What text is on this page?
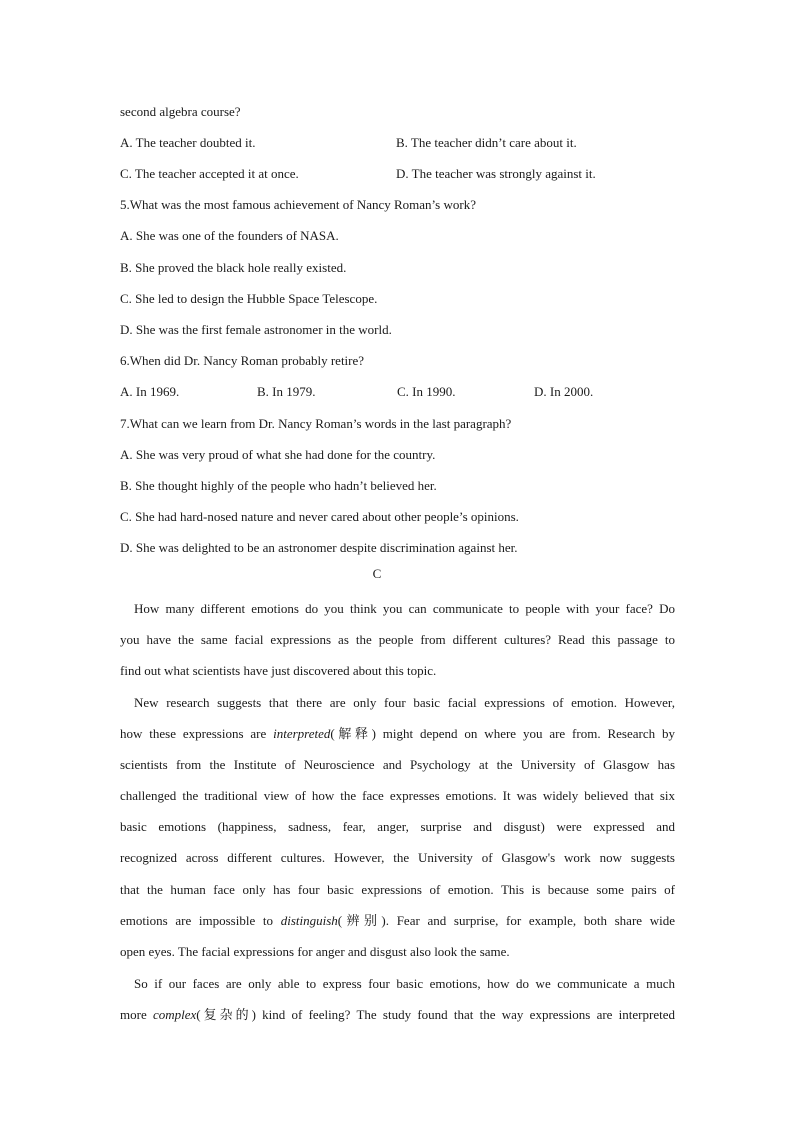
second algebra course?
A. The teacher doubted it.	B. The teacher didn’t care about it.
C. The teacher accepted it at once.	D. The teacher was strongly against it.
5.What was the most famous achievement of Nancy Roman’s work?
A. She was one of the founders of NASA.
B. She proved the black hole really existed.
C. She led to design the Hubble Space Telescope.
D. She was the first female astronomer in the world.
6.When did Dr. Nancy Roman probably retire?
A. In 1969.	B. In 1979.	C. In 1990.	D. In 2000.
7.What can we learn from Dr. Nancy Roman’s words in the last paragraph?
A. She was very proud of what she had done for the country.
B. She thought highly of the people who hadn’t believed her.
C. She had hard-nosed nature and never cared about other people’s opinions.
D. She was delighted to be an astronomer despite discrimination against her.
C
How many different emotions do you think you can communicate to people with your face? Do
you have the same facial expressions as the people from different cultures? Read this passage to
find out what scientists have just discovered about this topic.
New research suggests that there are only four basic facial expressions of emotion. However,
how these expressions are interpreted(解释) might depend on where you are from. Research by
scientists from the Institute of Neuroscience and Psychology at the University of Glasgow has
challenged the traditional view of how the face expresses emotions. It was widely believed that six
basic emotions (happiness, sadness, fear, anger, surprise and disgust) were expressed and
recognized across different cultures. However, the University of Glasgow's work now suggests
that the human face only has four basic expressions of emotion. This is because some pairs of
emotions are impossible to distinguish(辨别). Fear and surprise, for example, both share wide
open eyes. The facial expressions for anger and disgust also look the same.
So if our faces are only able to express four basic emotions, how do we communicate a much
more complex(复杂的) kind of feeling? The study found that the way expressions are interpreted
